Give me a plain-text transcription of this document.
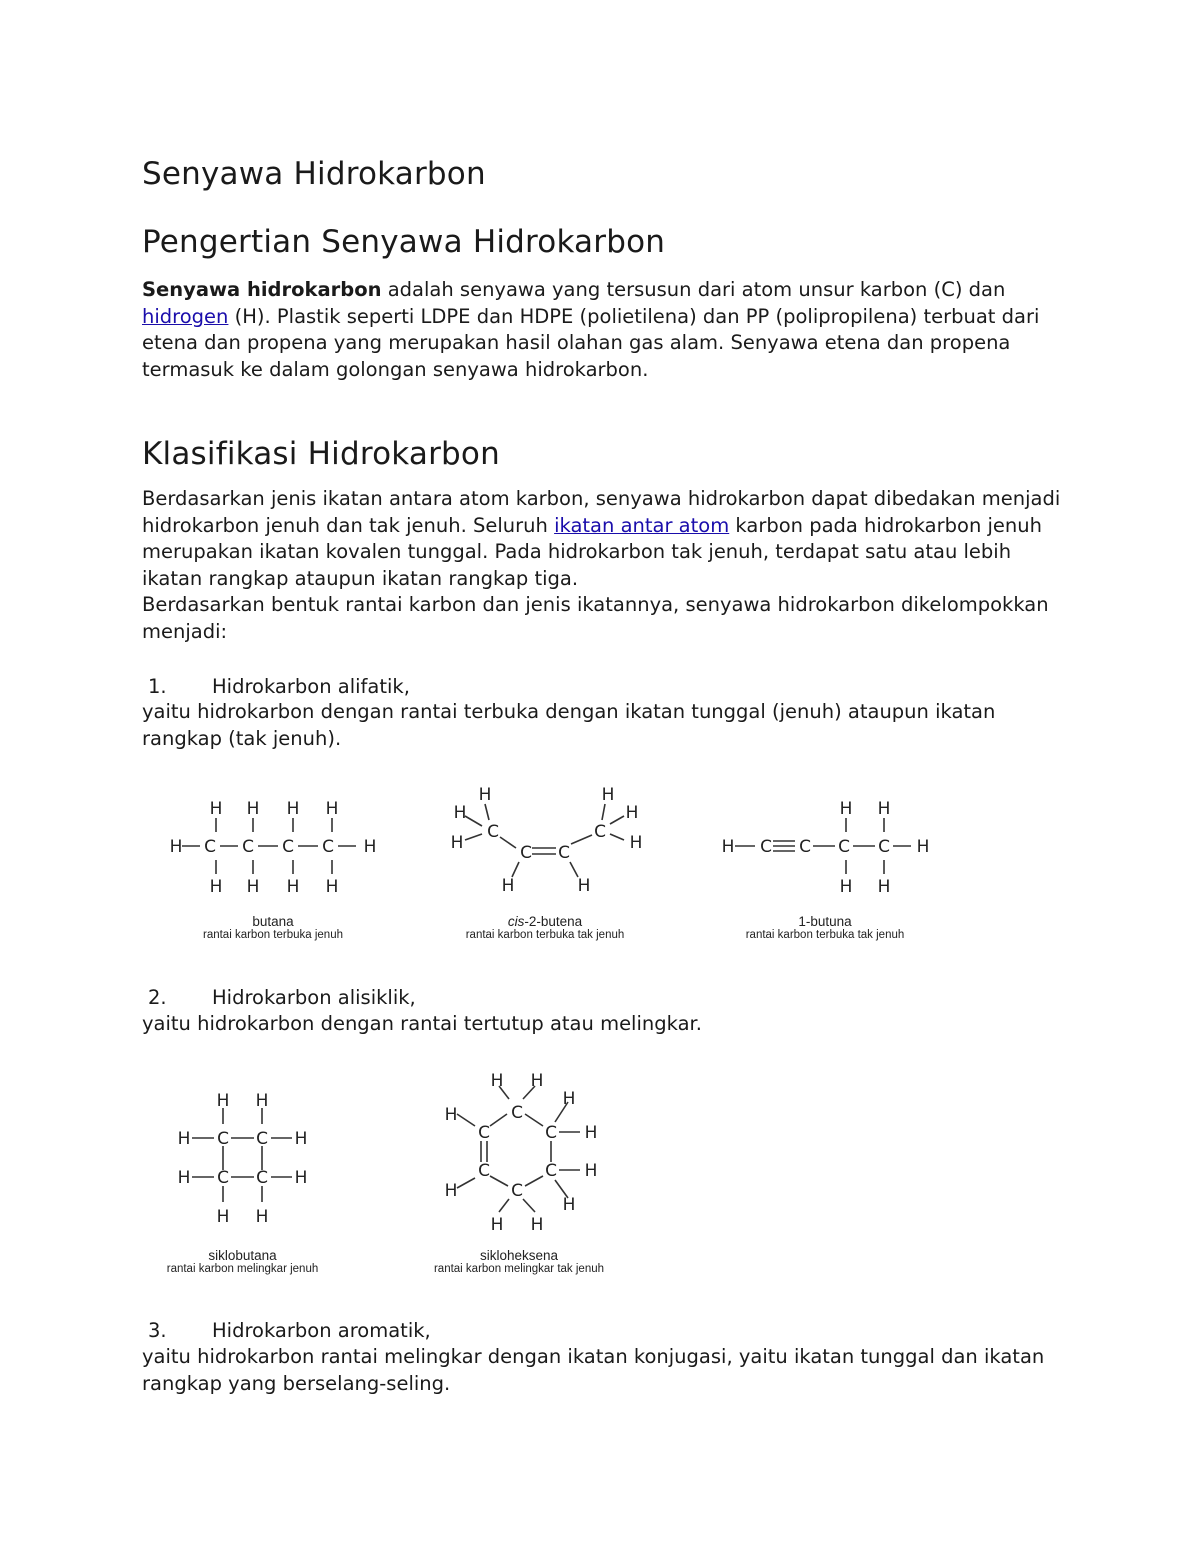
Senyawa Hidrokarbon
Pengertian Senyawa Hidrokarbon

Senyawa hidrokarbon adalah senyawa yang tersusun dari atom unsur karbon (C) dan hidrogen (H). Plastik seperti LDPE dan HDPE (polietilena) dan PP (polipropilena) terbuat dari etena dan propena yang merupakan hasil olahan gas alam. Senyawa etena dan propena termasuk ke dalam golongan senyawa hidrokarbon.

Klasifikasi Hidrokarbon

Berdasarkan jenis ikatan antara atom karbon, senyawa hidrokarbon dapat dibedakan menjadi hidrokarbon jenuh dan tak jenuh. Seluruh ikatan antar atom karbon pada hidrokarbon jenuh merupakan ikatan kovalen tunggal. Pada hidrokarbon tak jenuh, terdapat satu atau lebih ikatan rangkap ataupun ikatan rangkap tiga.
Berdasarkan bentuk rantai karbon dan jenis ikatannya, senyawa hidrokarbon dikelompokkan menjadi:

1. Hidrokarbon alifatik,

yaitu hidrokarbon dengan rantai terbuka dengan ikatan tunggal (jenuh) ataupun ikatan rangkap (tak jenuh).

H
H H H H
C C C C H
H H H H
butana
rantai karbon terbuka jenuh
H
H
H
C
C C
C
H
H
H
H	H
cis-2-butena
rantai karbon terbuka tak jenuh
H C C
H H
C C H
H H
1-butuna
rantai karbon terbuka tak jenuh
2. Hidrokarbon alisiklik,

yaitu hidrokarbon dengan rantai tertutup atau melingkar.

H H
H C C H
H C C H
H H
siklobutana
rantai karbon melingkar jenuh
H H
H	C
H
C	C H
C	C H
H	C
H
H H
sikloheksena
rantai karbon melingkar tak jenuh
3. Hidrokarbon aromatik,

yaitu hidrokarbon rantai melingkar dengan ikatan konjugasi, yaitu ikatan tunggal dan ikatan rangkap yang berselang-seling.
